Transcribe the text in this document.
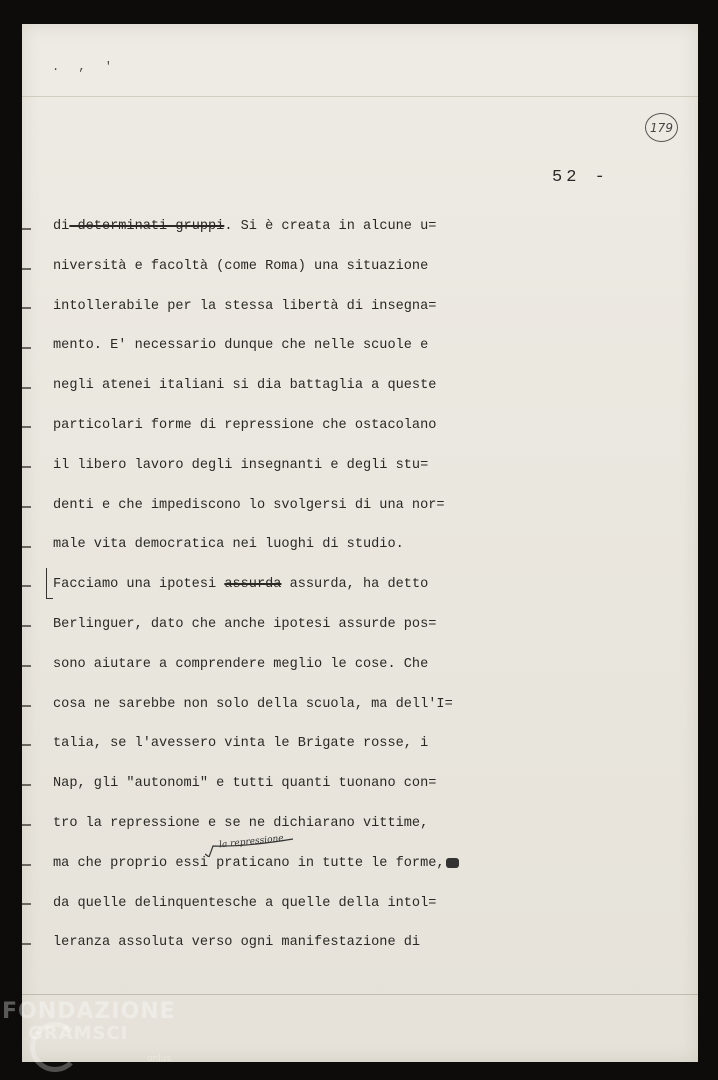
. , '
179
52 -
di determinati gruppi. Si è creata in alcune u=
niversità e facoltà (come Roma) una situazione
intollerabile per la stessa libertà di insegna=
mento. E' necessario dunque che nelle scuole e
negli atenei italiani si dia battaglia a queste
particolari forme di repressione che ostacolano
il libero lavoro degli insegnanti e degli stu=
denti e che impediscono lo svolgersi di una nor=
male vita democratica nei luoghi di studio.
Facciamo una ipotesi assurda assurda, ha detto
Berlinguer, dato che anche ipotesi assurde pos=
sono aiutare a comprendere meglio le cose. Che
cosa ne sarebbe non solo della scuola, ma dell'I=
talia, se l'avessero vinta le Brigate rosse, i
Nap, gli "autonomi" e tutti quanti tuonano con=
tro la repressione e se ne dichiarano vittime,
ma che proprio essi praticano in tutte le forme,
da quelle delinquentesche a quelle della intol=
leranza assoluta verso ogni manifestazione di
la repressione
FONDAZIONE
GRAMSCI
onlus
